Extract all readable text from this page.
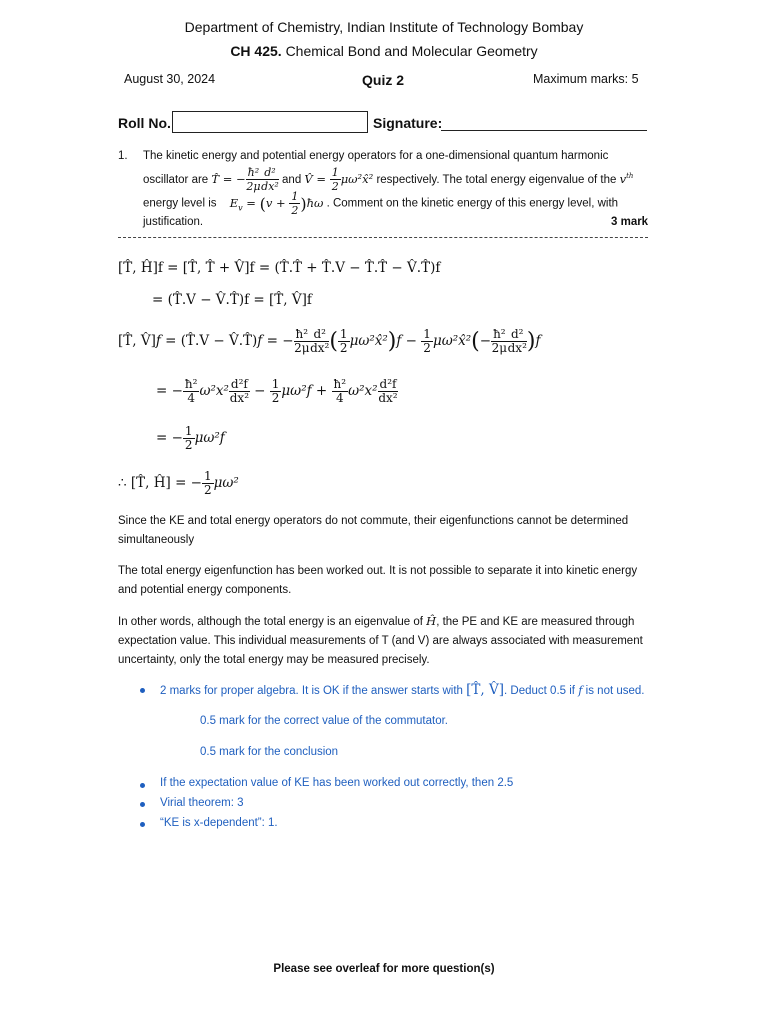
Department of Chemistry, Indian Institute of Technology Bombay
CH 425. Chemical Bond and Molecular Geometry
August 30, 2024	Quiz 2	Maximum marks: 5
Roll No.	Signature:
1. The kinetic energy and potential energy operators for a one-dimensional quantum harmonic
oscillator are T̂ = − $\frac{\text{ħ²}}{2\mu} \frac{\text{d²}}{\text{dx²}}$ and V̂ = $\frac{1}{2}$ μω²x̂² respectively. The total energy eigenvalue of the $v^{th}$
energy level is $E_v = (v + \frac{1}{2}$ )ħω . Comment on the kinetic energy of this energy level, with
justification.	3 mark
[T̂, Ĥ]f = [T̂, T̂ + V̂]f = (T̂.T̂ + T̂.V − T̂.T̂ − V̂.T̂)f
= (T̂.V − V̂.T̂)f = [T̂, V̂]f
[T̂, V̂]f = (T̂.V − V̂.T̂)f = − $\frac{\text{ħ²}}{2\mu} \frac{\text{d²}}{\text{dx²}}$ ( $\frac{1}{2}$ μω²x̂²)f − $\frac{1}{2}$ μω²x̂²(− $\frac{\text{ħ²}}{2\mu} \frac{\text{d²}}{\text{dx²}} )f$
= − $\frac{\text{ħ²}}{4} \omega^2x^2 \frac{\text{d²f}}{\text{dx²}} - \frac{1}{2} \mu\omega^2f + \frac{\text{ħ²}}{4} \omega^2x^2 \frac{\text{d²f}}{\text{dx²}}$
= − $\frac{1}{2} \mu\omega^2f$
∴ [T̂, Ĥ] = − $\frac{1}{2} \mu\omega^2$
Since the KE and total energy operators do not commute, their eigenfunctions cannot be determined simultaneously
The total energy eigenfunction has been worked out. It is not possible to separate it into kinetic energy and potential energy components.
In other words, although the total energy is an eigenvalue of Ĥ, the PE and KE are measured through expectation value. This individual measurements of T (and V) are always associated with measurement uncertainty, only the total energy may be measured precisely.
2 marks for proper algebra. It is OK if the answer starts with [T̂, V̂]. Deduct 0.5 if f is not used.
0.5 mark for the correct value of the commutator.
0.5 mark for the conclusion
If the expectation value of KE has been worked out correctly, then 2.5
Virial theorem: 3
“KE is x-dependent”: 1.
Please see overleaf for more question(s)
